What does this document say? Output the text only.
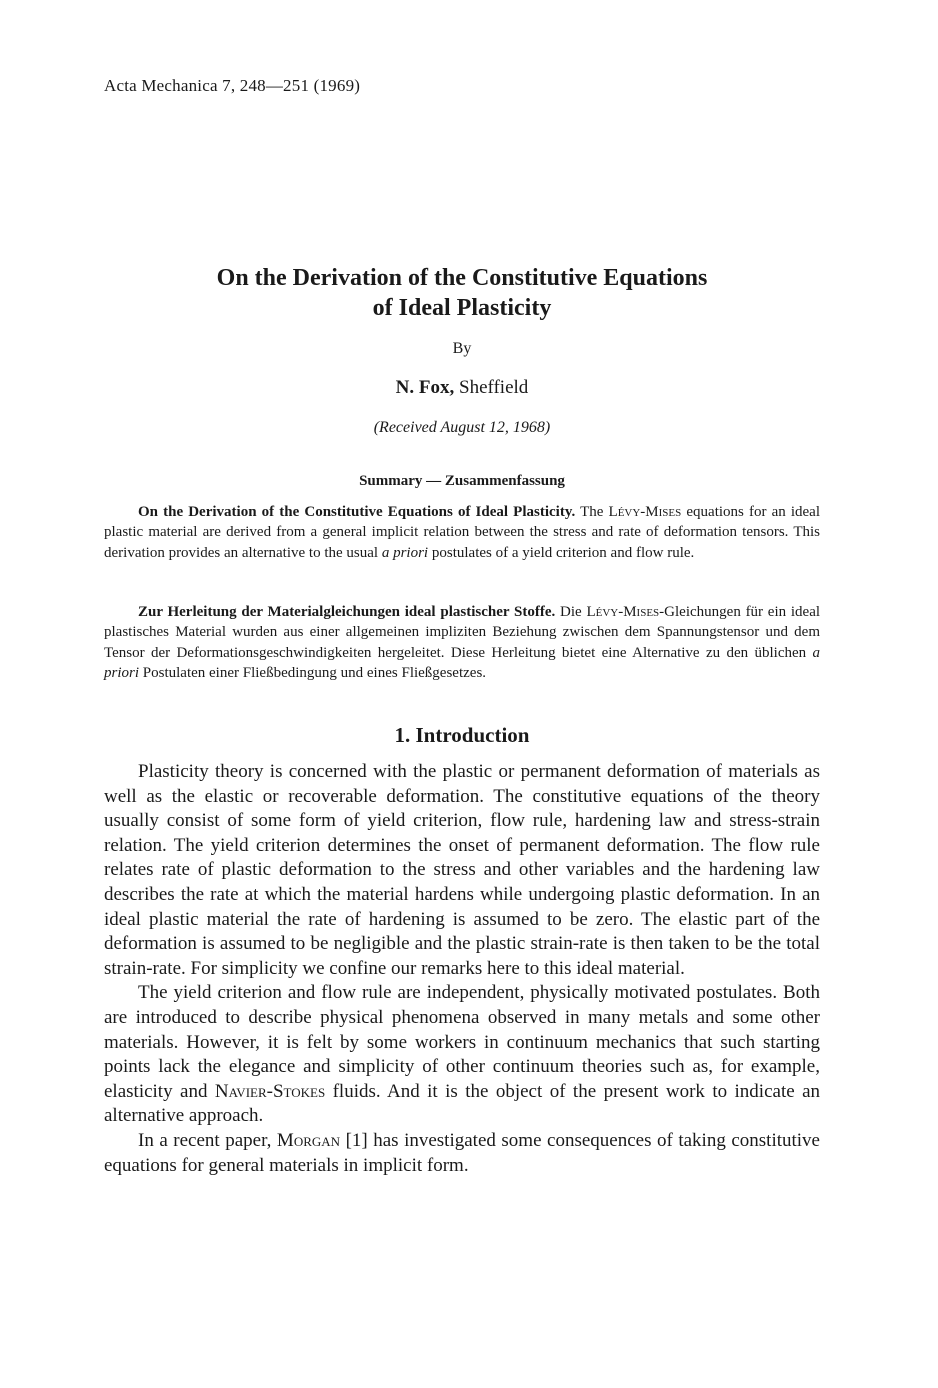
Acta Mechanica 7, 248—251 (1969)
On the Derivation of the Constitutive Equations
of Ideal Plasticity
By
N. Fox, Sheffield
(Received August 12, 1968)
Summary — Zusammenfassung

On the Derivation of the Constitutive Equations of Ideal Plasticity. The Lévy-Mises equations for an ideal plastic material are derived from a general implicit relation between the stress and rate of deformation tensors. This derivation provides an alternative to the usual a priori postulates of a yield criterion and flow rule.

Zur Herleitung der Materialgleichungen ideal plastischer Stoffe. Die Lévy-Mises-Gleichungen für ein ideal plastisches Material wurden aus einer allgemeinen impliziten Beziehung zwischen dem Spannungstensor und dem Tensor der Deformationsgeschwindigkeiten hergeleitet. Diese Herleitung bietet eine Alternative zu den üblichen a priori Postulaten einer Fließbedingung und eines Fließgesetzes.

1. Introduction

Plasticity theory is concerned with the plastic or permanent deformation of materials as well as the elastic or recoverable deformation. The constitutive equations of the theory usually consist of some form of yield criterion, flow rule, hardening law and stress-strain relation. The yield criterion determines the onset of permanent deformation. The flow rule relates rate of plastic deformation to the stress and other variables and the hardening law describes the rate at which the material hardens while undergoing plastic deformation. In an ideal plastic material the rate of hardening is assumed to be zero. The elastic part of the deformation is assumed to be negligible and the plastic strain-rate is then taken to be the total strain-rate. For simplicity we confine our remarks here to this ideal material.

The yield criterion and flow rule are independent, physically motivated postulates. Both are introduced to describe physical phenomena observed in many metals and some other materials. However, it is felt by some workers in continuum mechanics that such starting points lack the elegance and simplicity of other continuum theories such as, for example, elasticity and Navier-Stokes fluids. And it is the object of the present work to indicate an alternative approach.

In a recent paper, Morgan [1] has investigated some consequences of taking constitutive equations for general materials in implicit form.
